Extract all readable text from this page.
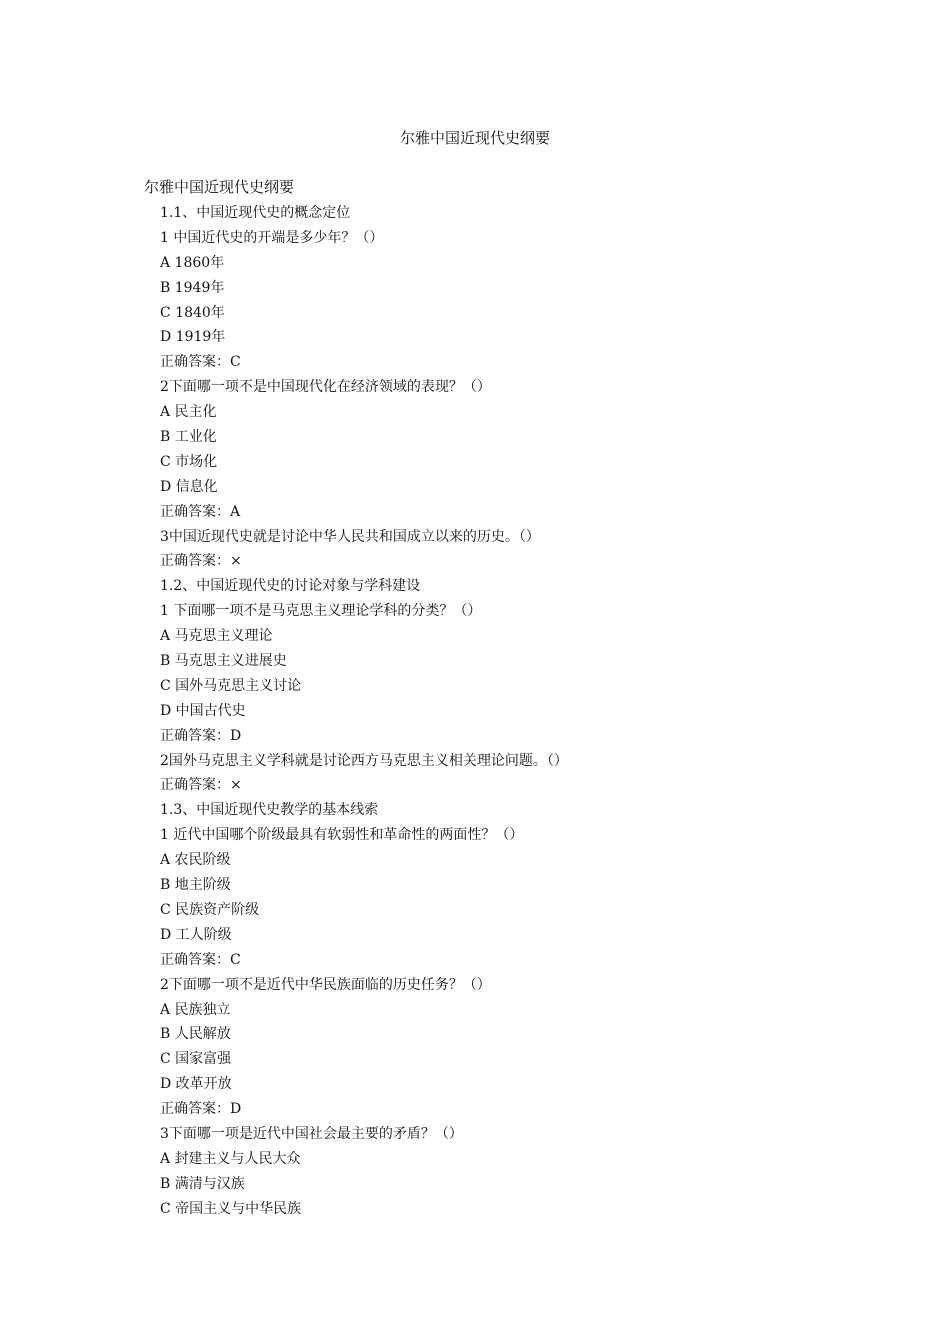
尔雅中国近现代史纲要
尔雅中国近现代史纲要
1.1、中国近现代史的概念定位
1 中国近代史的开端是多少年？（）
A 1860年
B 1949年
C 1840年
D 1919年
正确答案：C
2下面哪一项不是中国现代化在经济领域的表现？（）
A 民主化
B 工业化
C 市场化
D 信息化
正确答案：A
3中国近现代史就是讨论中华人民共和国成立以来的历史。（）
正确答案：×
1.2、中国近现代史的讨论对象与学科建设
1 下面哪一项不是马克思主义理论学科的分类？（）
A 马克思主义理论
B 马克思主义进展史
C 国外马克思主义讨论
D 中国古代史
正确答案：D
2国外马克思主义学科就是讨论西方马克思主义相关理论问题。（）
正确答案：×
1.3、中国近现代史教学的基本线索
1 近代中国哪个阶级最具有软弱性和革命性的两面性？（）
A 农民阶级
B 地主阶级
C 民族资产阶级
D 工人阶级
正确答案：C
2下面哪一项不是近代中华民族面临的历史任务？（）
A 民族独立
B 人民解放
C 国家富强
D 改革开放
正确答案：D
3下面哪一项是近代中国社会最主要的矛盾？（）
A 封建主义与人民大众
B 满清与汉族
C 帝国主义与中华民族
